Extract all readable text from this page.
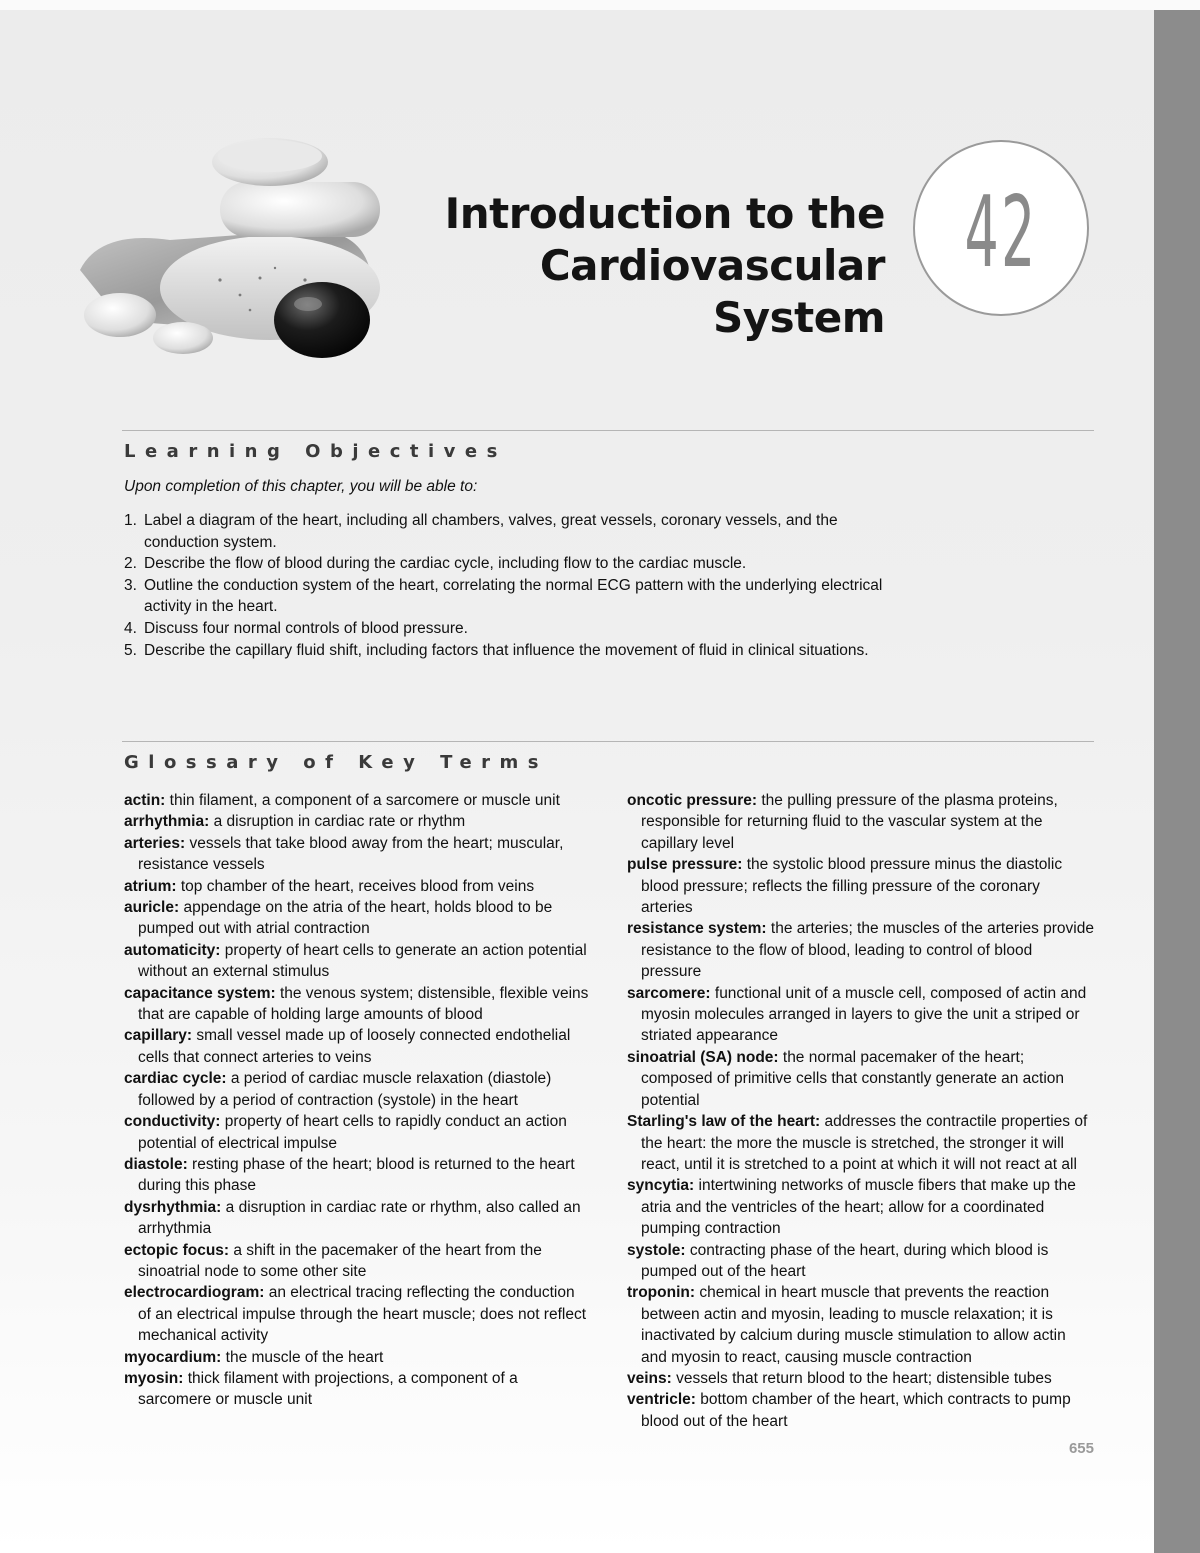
Introduction to the
Cardiovascular System
42
Learning Objectives
Upon completion of this chapter, you will be able to:
1. Label a diagram of the heart, including all chambers, valves, great vessels, coronary vessels, and the conduction system.
2. Describe the flow of blood during the cardiac cycle, including flow to the cardiac muscle.
3. Outline the conduction system of the heart, correlating the normal ECG pattern with the underlying electrical activity in the heart.
4. Discuss four normal controls of blood pressure.
5. Describe the capillary fluid shift, including factors that influence the movement of fluid in clinical situations.
Glossary of Key Terms
actin: thin filament, a component of a sarcomere or muscle unit
arrhythmia: a disruption in cardiac rate or rhythm
arteries: vessels that take blood away from the heart; muscular, resistance vessels
atrium: top chamber of the heart, receives blood from veins
auricle: appendage on the atria of the heart, holds blood to be pumped out with atrial contraction
automaticity: property of heart cells to generate an action potential without an external stimulus
capacitance system: the venous system; distensible, flexible veins that are capable of holding large amounts of blood
capillary: small vessel made up of loosely connected endothelial cells that connect arteries to veins
cardiac cycle: a period of cardiac muscle relaxation (diastole) followed by a period of contraction (systole) in the heart
conductivity: property of heart cells to rapidly conduct an action potential of electrical impulse
diastole: resting phase of the heart; blood is returned to the heart during this phase
dysrhythmia: a disruption in cardiac rate or rhythm, also called an arrhythmia
ectopic focus: a shift in the pacemaker of the heart from the sinoatrial node to some other site
electrocardiogram: an electrical tracing reflecting the conduction of an electrical impulse through the heart muscle; does not reflect mechanical activity
myocardium: the muscle of the heart
myosin: thick filament with projections, a component of a sarcomere or muscle unit
oncotic pressure: the pulling pressure of the plasma proteins, responsible for returning fluid to the vascular system at the capillary level
pulse pressure: the systolic blood pressure minus the diastolic blood pressure; reflects the filling pressure of the coronary arteries
resistance system: the arteries; the muscles of the arteries provide resistance to the flow of blood, leading to control of blood pressure
sarcomere: functional unit of a muscle cell, composed of actin and myosin molecules arranged in layers to give the unit a striped or striated appearance
sinoatrial (SA) node: the normal pacemaker of the heart; composed of primitive cells that constantly generate an action potential
Starling's law of the heart: addresses the contractile properties of the heart: the more the muscle is stretched, the stronger it will react, until it is stretched to a point at which it will not react at all
syncytia: intertwining networks of muscle fibers that make up the atria and the ventricles of the heart; allow for a coordinated pumping contraction
systole: contracting phase of the heart, during which blood is pumped out of the heart
troponin: chemical in heart muscle that prevents the reaction between actin and myosin, leading to muscle relaxation; it is inactivated by calcium during muscle stimulation to allow actin and myosin to react, causing muscle contraction
veins: vessels that return blood to the heart; distensible tubes
ventricle: bottom chamber of the heart, which contracts to pump blood out of the heart
655
